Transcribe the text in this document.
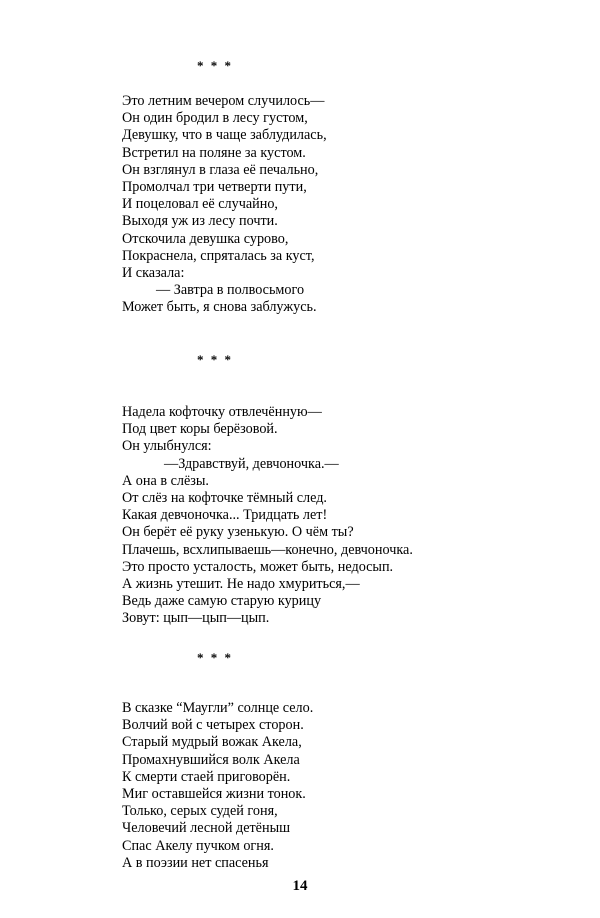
* * *
Это летним вечером случилось—
Он один бродил в лесу густом,
Девушку, что в чаще заблудилась,
Встретил на поляне за кустом.
Он взглянул в глаза её печально,
Промолчал три четверти пути,
И поцеловал её случайно,
Выходя уж из лесу почти.
Отскочила девушка сурово,
Покраснела, спряталась за куст,
И сказала:
— Завтра в полвосьмого
Может быть, я снова заблужусь.
* * *
Надела кофточку отвлечённую—
Под цвет коры берёзовой.
Он улыбнулся:
—Здравствуй, девчоночка.—
А она в слёзы.
От слёз на кофточке тёмный след.
Какая девчоночка... Тридцать лет!
Он берёт её руку узенькую. О чём ты?
Плачешь, всхлипываешь—конечно, девчоночка.
Это просто усталость, может быть, недосып.
А жизнь утешит. Не надо хмуриться,—
Ведь даже самую старую курицу
Зовут: цып—цып—цып.
* * *
В сказке “Маугли” солнце село.
Волчий вой с четырех сторон.
Старый мудрый вожак Акела,
Промахнувшийся волк Акела
К смерти стаей приговорён.
Миг оставшейся жизни тонок.
Только, серых судей гоня,
Человечий лесной детёныш
Спас Акелу пучком огня.
А в поэзии нет спасенья
14
